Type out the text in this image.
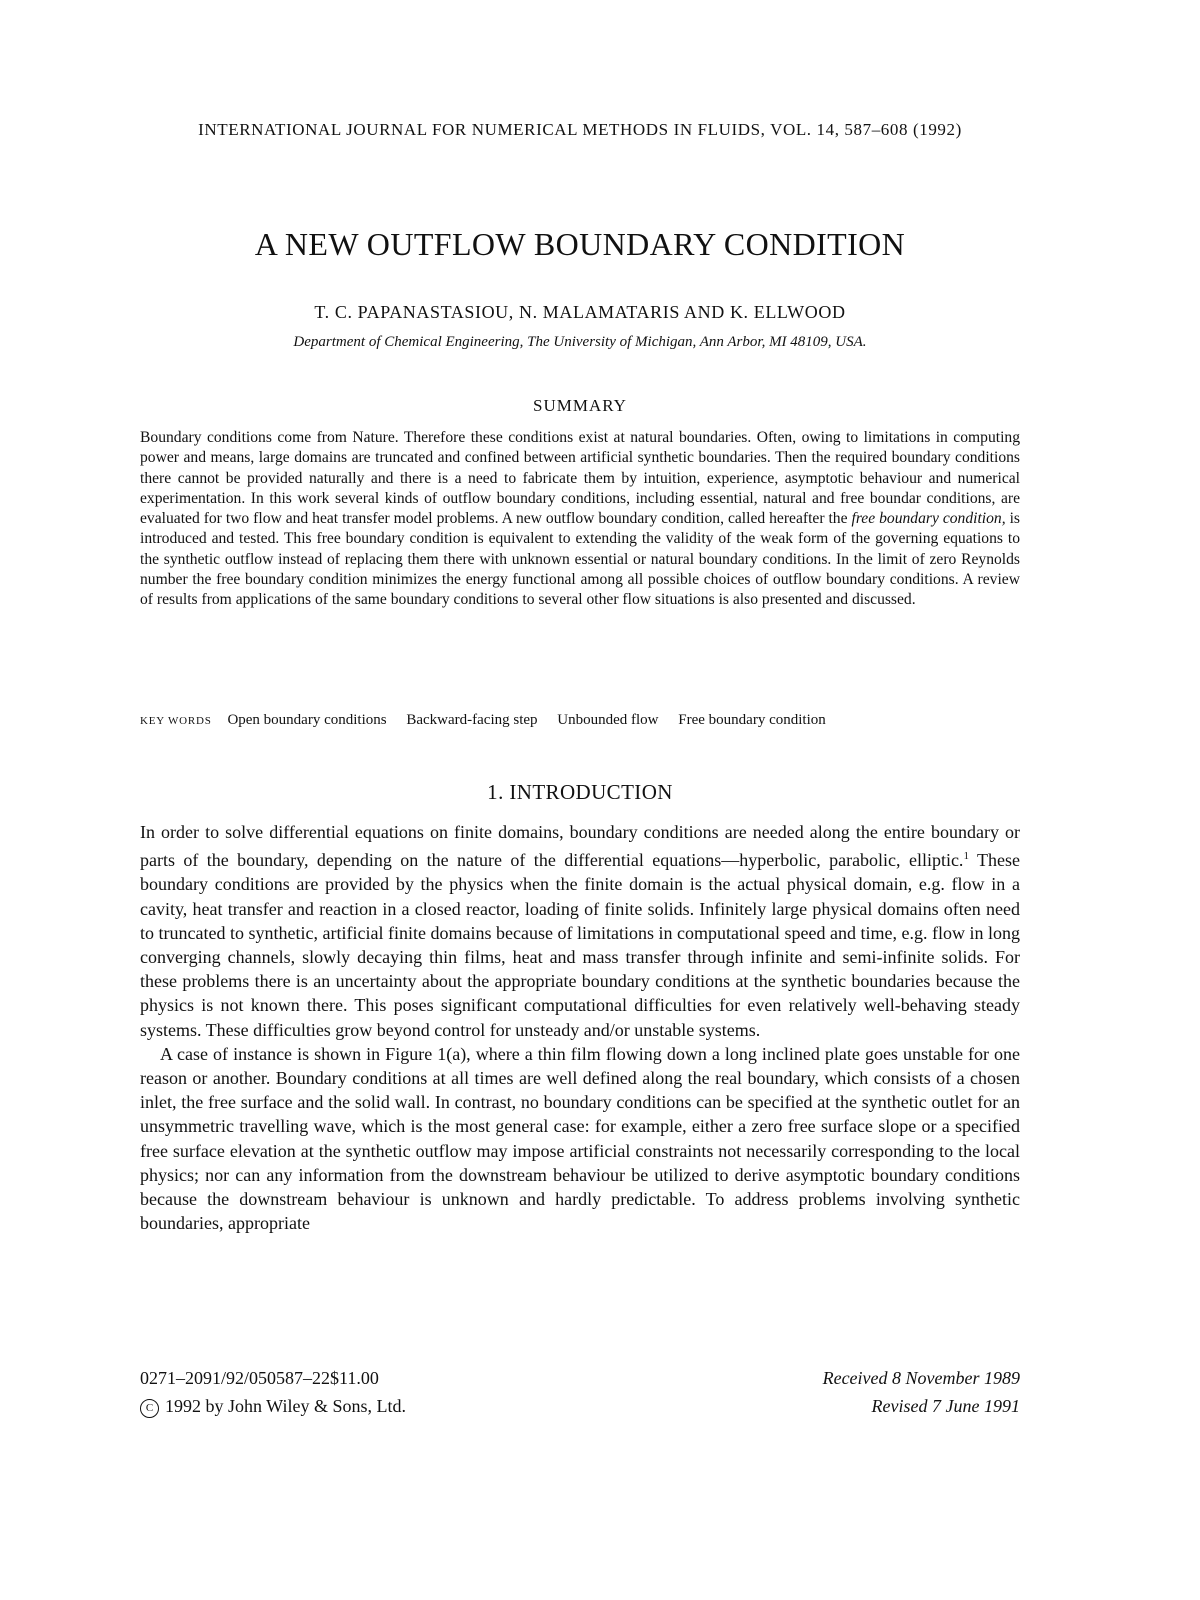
INTERNATIONAL JOURNAL FOR NUMERICAL METHODS IN FLUIDS, VOL. 14, 587–608 (1992)
A NEW OUTFLOW BOUNDARY CONDITION
T. C. PAPANASTASIOU, N. MALAMATARIS AND K. ELLWOOD
Department of Chemical Engineering, The University of Michigan, Ann Arbor, MI 48109, USA.
SUMMARY

Boundary conditions come from Nature. Therefore these conditions exist at natural boundaries. Often, owing to limitations in computing power and means, large domains are truncated and confined between artificial synthetic boundaries. Then the required boundary conditions there cannot be provided naturally and there is a need to fabricate them by intuition, experience, asymptotic behaviour and numerical experimentation. In this work several kinds of outflow boundary conditions, including essential, natural and free boundar conditions, are evaluated for two flow and heat transfer model problems. A new outflow boundary condition, called hereafter the free boundary condition, is introduced and tested. This free boundary condition is equivalent to extending the validity of the weak form of the governing equations to the synthetic outflow instead of replacing them there with unknown essential or natural boundary conditions. In the limit of zero Reynolds number the free boundary condition minimizes the energy functional among all possible choices of outflow boundary conditions. A review of results from applications of the same boundary conditions to several other flow situations is also presented and discussed.

KEY WORDS Open boundary conditions Backward-facing step Unbounded flow Free boundary condition
1. INTRODUCTION

In order to solve differential equations on finite domains, boundary conditions are needed along the entire boundary or parts of the boundary, depending on the nature of the differential equations—hyperbolic, parabolic, elliptic.$^1$ These boundary conditions are provided by the physics when the finite domain is the actual physical domain, e.g. flow in a cavity, heat transfer and reaction in a closed reactor, loading of finite solids. Infinitely large physical domains often need to truncated to synthetic, artificial finite domains because of limitations in computational speed and time, e.g. flow in long converging channels, slowly decaying thin films, heat and mass transfer through infinite and semi-infinite solids. For these problems there is an uncertainty about the appropriate boundary conditions at the synthetic boundaries because the physics is not known there. This poses significant computational difficulties for even relatively well-behaving steady systems. These difficulties grow beyond control for unsteady and/or unstable systems.

A case of instance is shown in Figure 1(a), where a thin film flowing down a long inclined plate goes unstable for one reason or another. Boundary conditions at all times are well defined along the real boundary, which consists of a chosen inlet, the free surface and the solid wall. In contrast, no boundary conditions can be specified at the synthetic outlet for an unsymmetric travelling wave, which is the most general case: for example, either a zero free surface slope or a specified free surface elevation at the synthetic outflow may impose artificial constraints not necessarily corresponding to the local physics; nor can any information from the downstream behaviour be utilized to derive asymptotic boundary conditions because the downstream behaviour is unknown and hardly predictable. To address problems involving synthetic boundaries, appropriate

0271–2091/92/050587–22$11.00
C 1992 by John Wiley & Sons, Ltd.
Received 8 November 1989
Revised 7 June 1991
